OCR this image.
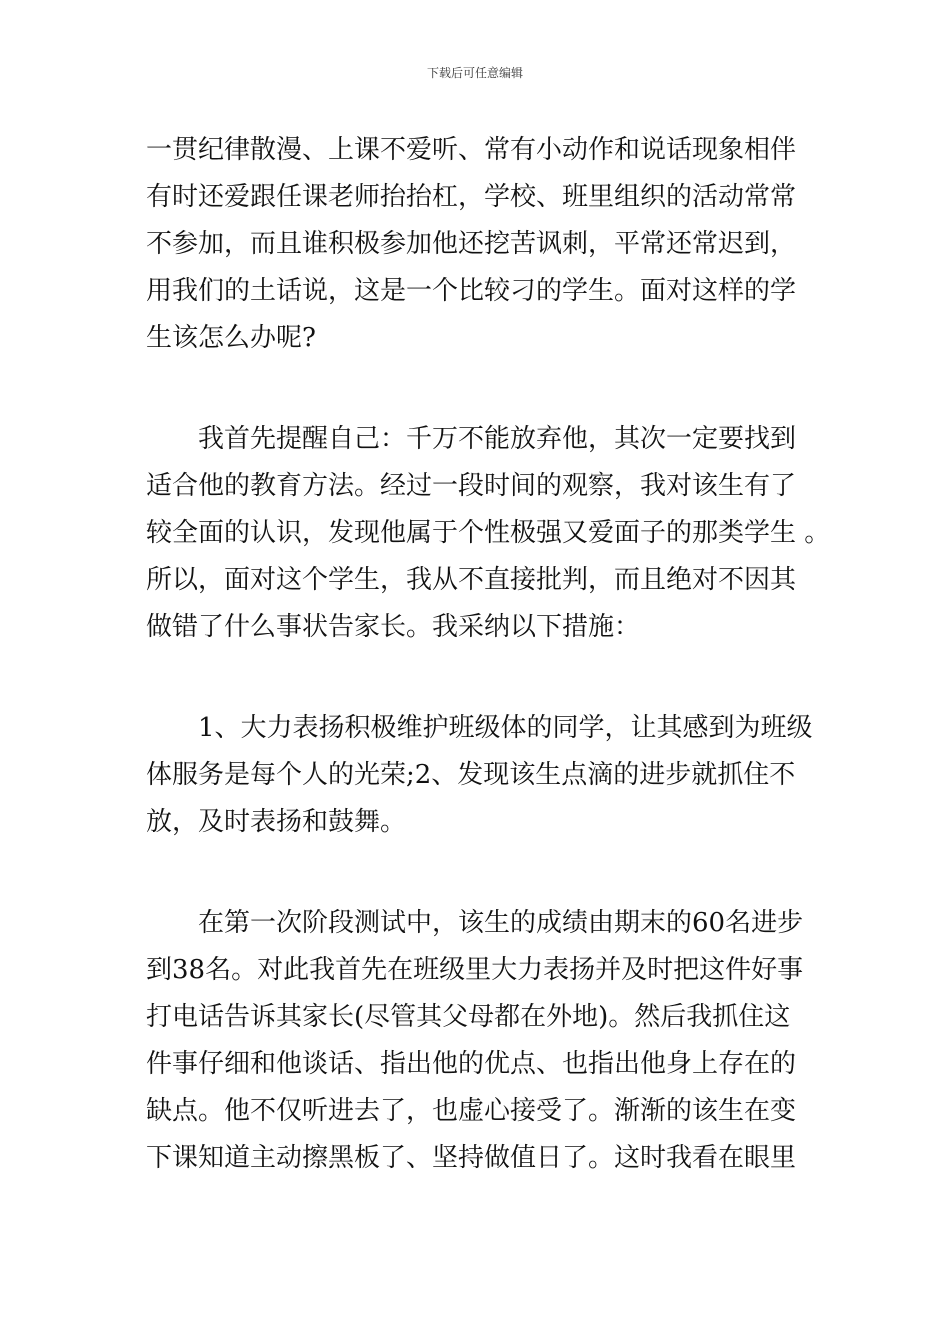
下载后可任意编辑
一贯纪律散漫、上课不爱听、常有小动作和说话现象相伴
有时还爱跟任课老师抬抬杠，学校、班里组织的活动常常
不参加，而且谁积极参加他还挖苦讽刺，平常还常迟到，
用我们的土话说，这是一个比较刁的学生。面对这样的学
生该怎么办呢?
我首先提醒自己：千万不能放弃他，其次一定要找到
适合他的教育方法。经过一段时间的观察，我对该生有了
较全面的认识，发现他属于个性极强又爱面子的那类学生 。
所以，面对这个学生，我从不直接批判，而且绝对不因其
做错了什么事状告家长。我采纳以下措施：
1、大力表扬积极维护班级体的同学，让其感到为班级
体服务是每个人的光荣;2、发现该生点滴的进步就抓住不
放，及时表扬和鼓舞。
在第一次阶段测试中，该生的成绩由期末的60名进步
到38名。对此我首先在班级里大力表扬并及时把这件好事
打电话告诉其家长(尽管其父母都在外地)。然后我抓住这
件事仔细和他谈话、指出他的优点、也指出他身上存在的
缺点。他不仅听进去了，也虚心接受了。渐渐的该生在变
下课知道主动擦黑板了、坚持做值日了。这时我看在眼里
